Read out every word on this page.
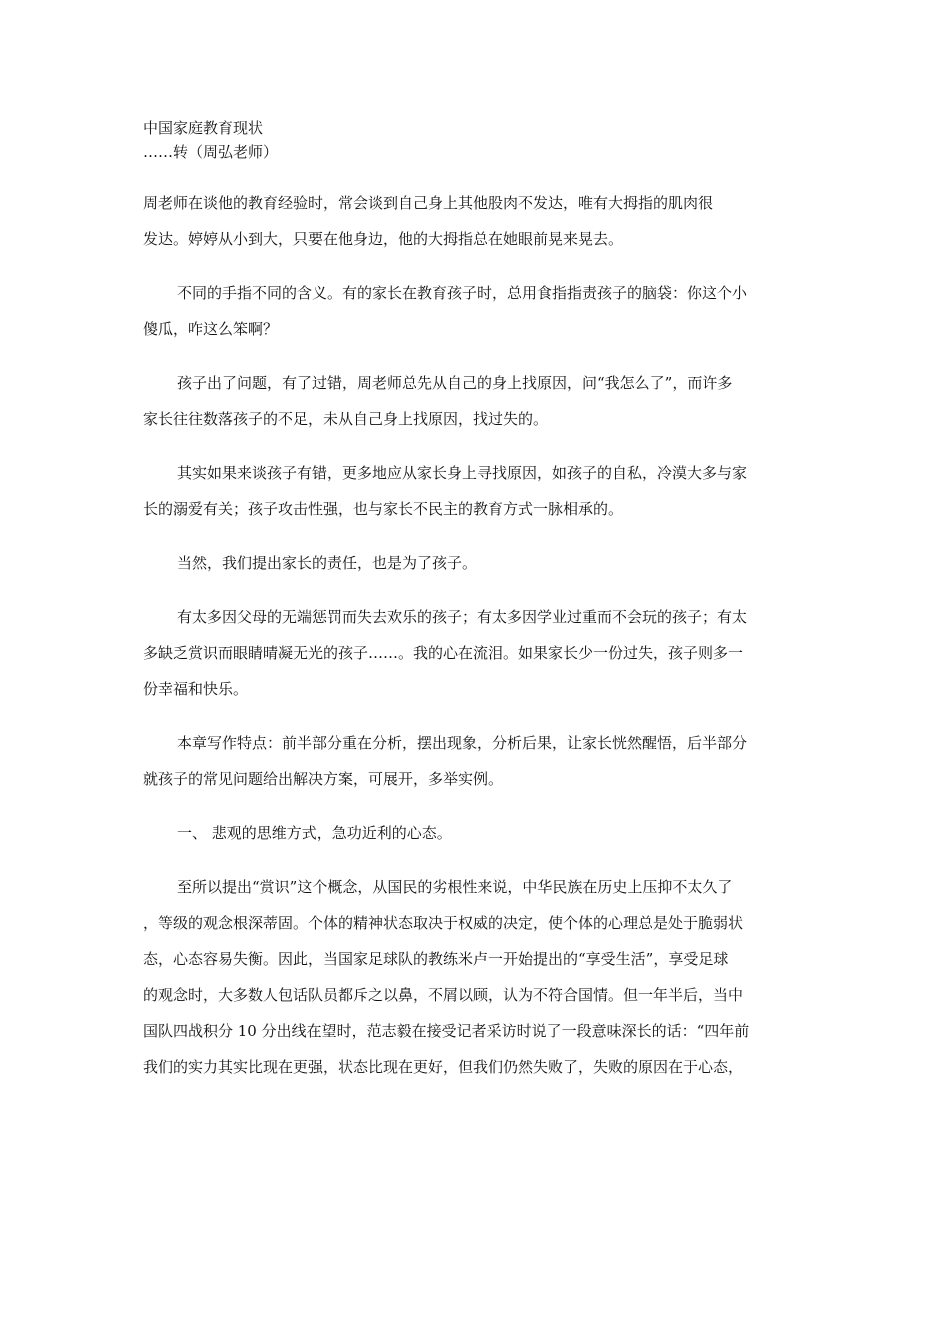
中国家庭教育现状
……转（周弘老师）
周老师在谈他的教育经验时，常会谈到自己身上其他股肉不发达，唯有大拇指的肌肉很
发达。婷婷从小到大，只要在他身边，他的大拇指总在她眼前晃来晃去。
不同的手指不同的含义。有的家长在教育孩子时，总用食指指责孩子的脑袋：你这个小
傻瓜，咋这么笨啊？
孩子出了问题，有了过错，周老师总先从自己的身上找原因，问“我怎么了”，而许多
家长往往数落孩子的不足，未从自己身上找原因，找过失的。
其实如果来谈孩子有错，更多地应从家长身上寻找原因，如孩子的自私，冷漠大多与家
长的溺爱有关；孩子攻击性强，也与家长不民主的教育方式一脉相承的。
当然，我们提出家长的责任，也是为了孩子。
有太多因父母的无端惩罚而失去欢乐的孩子；有太多因学业过重而不会玩的孩子；有太
多缺乏赏识而眼睛晴凝无光的孩子……。我的心在流泪。如果家长少一份过失，孩子则多一
份幸福和快乐。
本章写作特点：前半部分重在分析，摆出现象，分析后果，让家长恍然醒悟，后半部分
就孩子的常见问题给出解决方案，可展开，多举实例。
一、 悲观的思维方式，急功近利的心态。
至所以提出“赏识”这个概念，从国民的劣根性来说，中华民族在历史上压抑不太久了
，等级的观念根深蒂固。个体的精神状态取决于权威的决定，使个体的心理总是处于脆弱状
态，心态容易失衡。因此，当国家足球队的教练米卢一开始提出的“享受生活”，享受足球
的观念时，大多数人包话队员都斥之以鼻，不屑以顾，认为不符合国情。但一年半后，当中
国队四战积分 10 分出线在望时，范志毅在接受记者采访时说了一段意味深长的话：“四年前
我们的实力其实比现在更强，状态比现在更好，但我们仍然失败了，失败的原因在于心态，
